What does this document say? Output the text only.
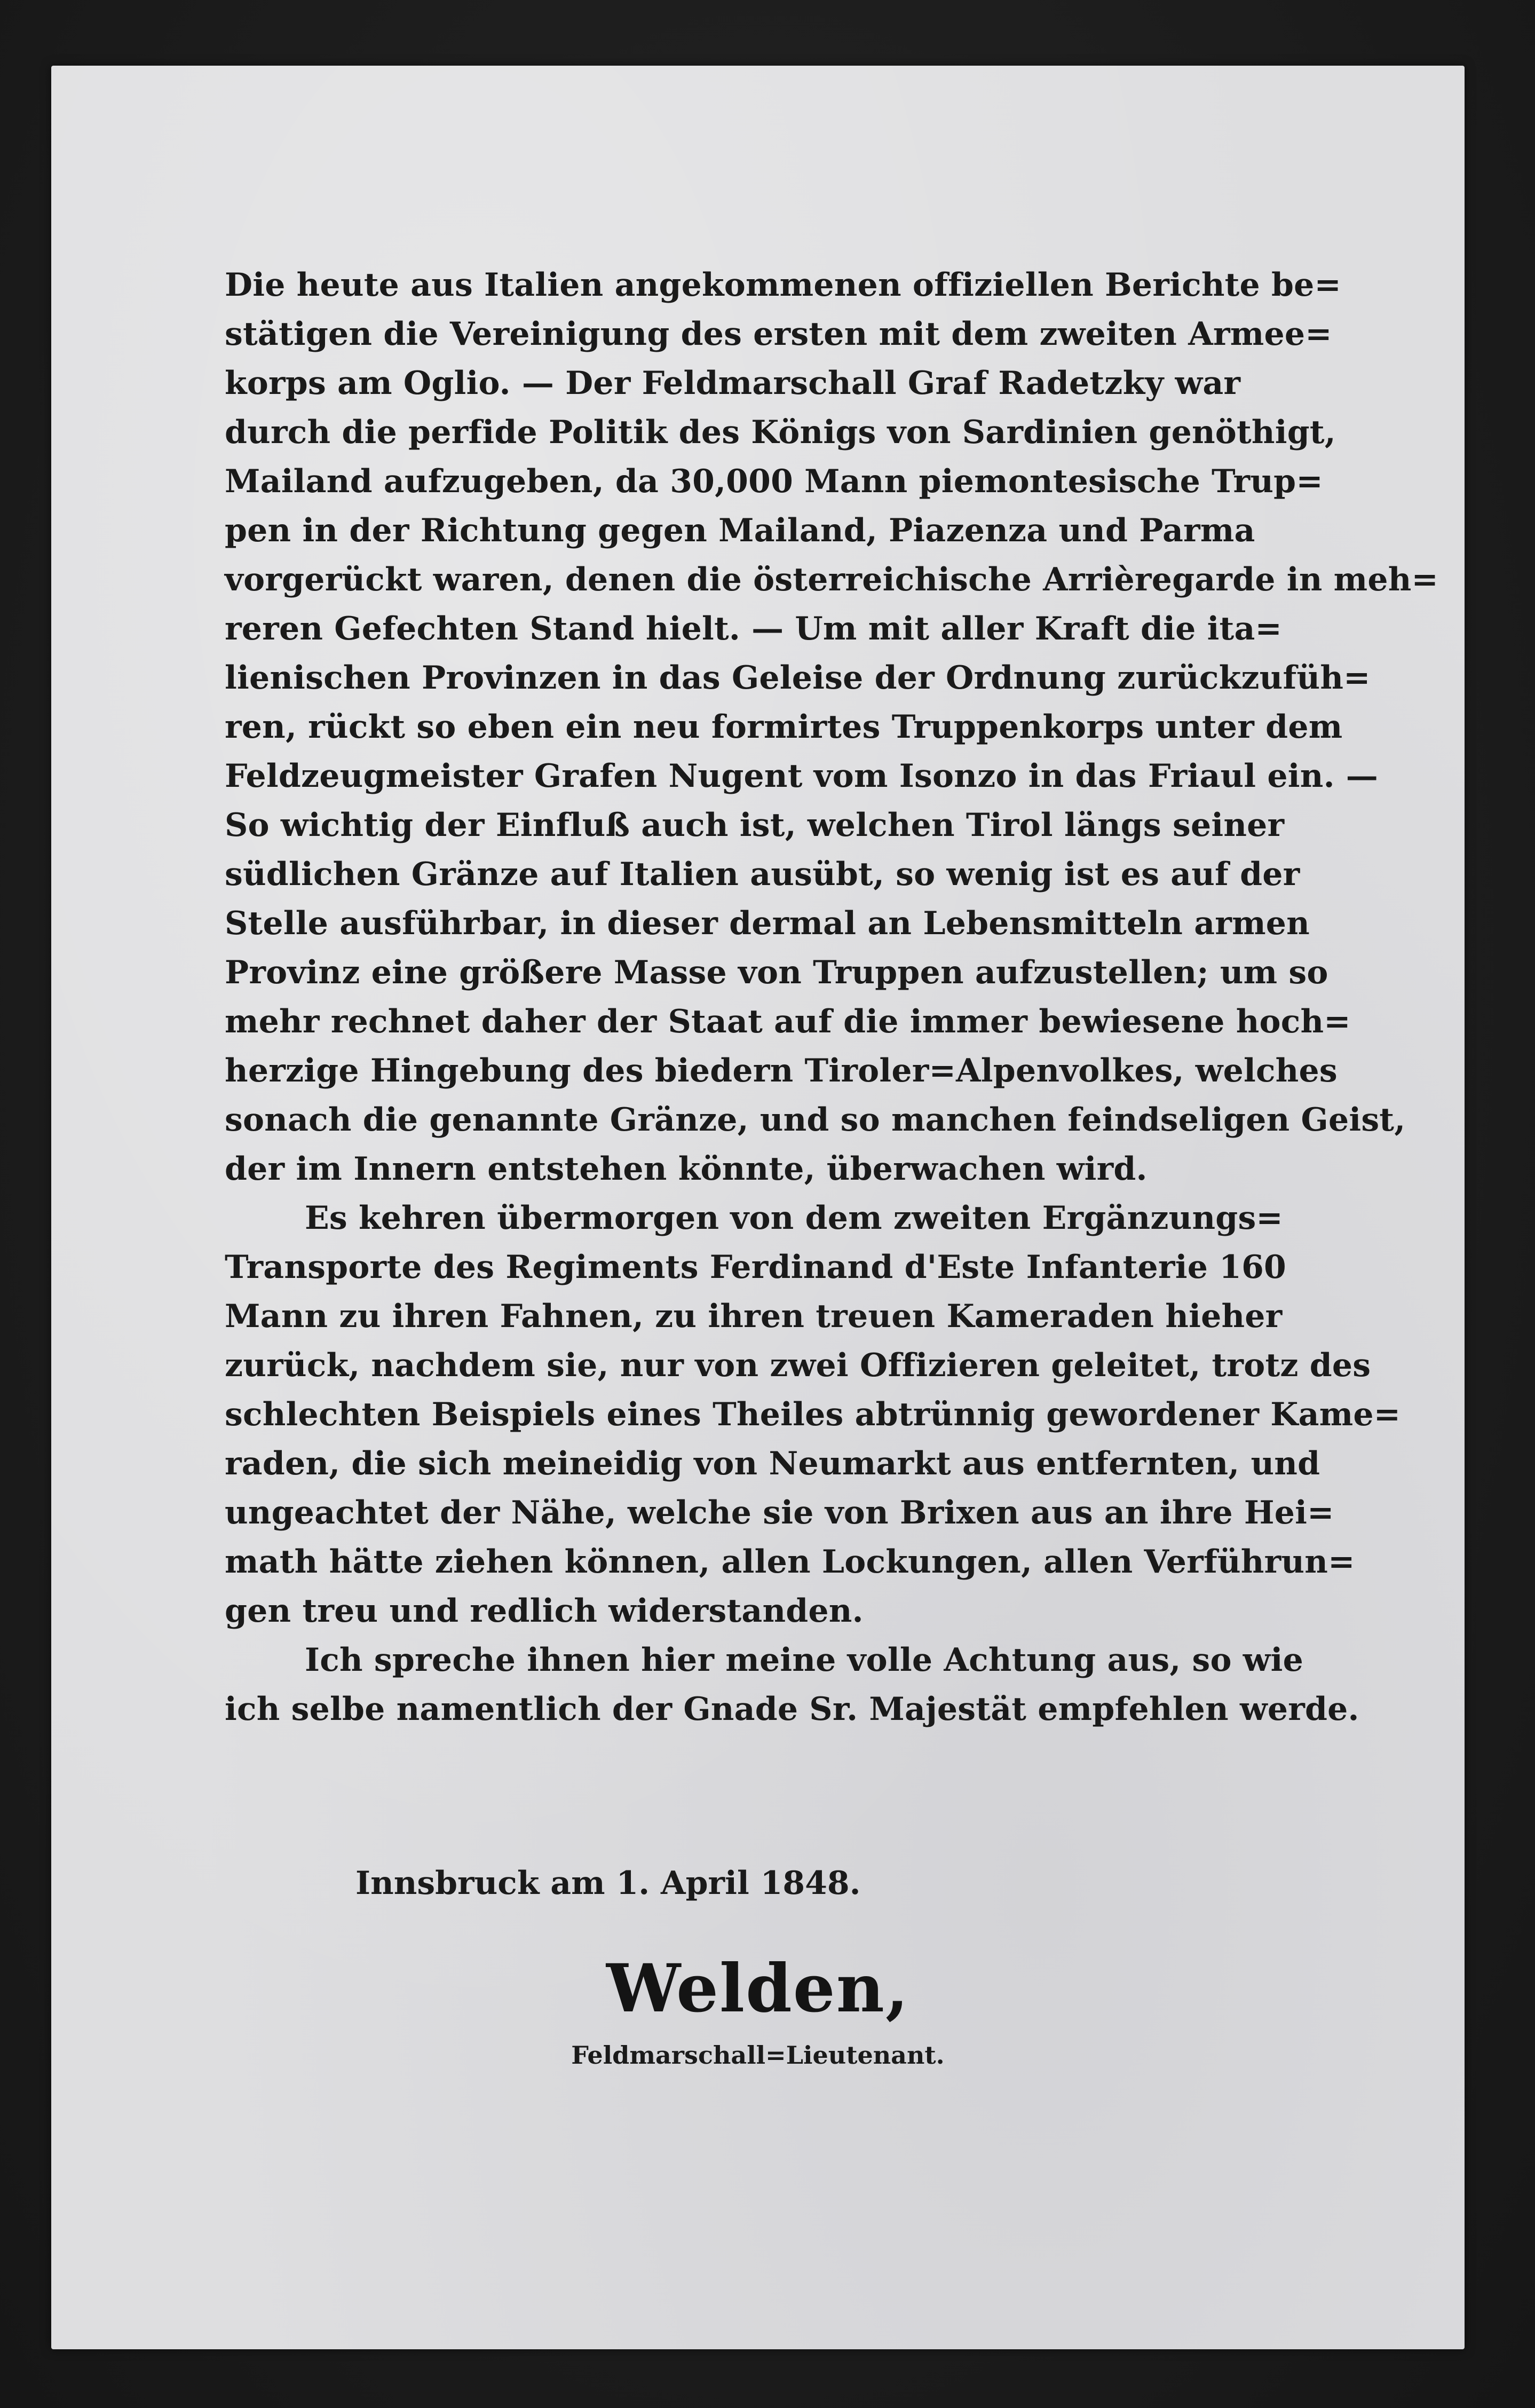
Die heute aus Italien angekommenen offiziellen Berichte be=
stätigen die Vereinigung des ersten mit dem zweiten Armee=
korps am Oglio. — Der Feldmarschall Graf Radetzky war
durch die perfide Politik des Königs von Sardinien genöthigt,
Mailand aufzugeben, da 30,000 Mann piemontesische Trup=
pen in der Richtung gegen Mailand, Piazenza und Parma
vorgerückt waren, denen die österreichische Arrièregarde in meh=
reren Gefechten Stand hielt. — Um mit aller Kraft die ita=
lienischen Provinzen in das Geleise der Ordnung zurückzufüh=
ren, rückt so eben ein neu formirtes Truppenkorps unter dem
Feldzeugmeister Grafen Nugent vom Isonzo in das Friaul ein. —
So wichtig der Einfluß auch ist, welchen Tirol längs seiner
südlichen Gränze auf Italien ausübt, so wenig ist es auf der
Stelle ausführbar, in dieser dermal an Lebensmitteln armen
Provinz eine größere Masse von Truppen aufzustellen; um so
mehr rechnet daher der Staat auf die immer bewiesene hoch=
herzige Hingebung des biedern Tiroler=Alpenvolkes, welches
sonach die genannte Gränze, und so manchen feindseligen Geist,
der im Innern entstehen könnte, überwachen wird.
Es kehren übermorgen von dem zweiten Ergänzungs=
Transporte des Regiments Ferdinand d'Este Infanterie 160
Mann zu ihren Fahnen, zu ihren treuen Kameraden hieher
zurück, nachdem sie, nur von zwei Offizieren geleitet, trotz des
schlechten Beispiels eines Theiles abtrünnig gewordener Kame=
raden, die sich meineidig von Neumarkt aus entfernten, und
ungeachtet der Nähe, welche sie von Brixen aus an ihre Hei=
math hätte ziehen können, allen Lockungen, allen Verführun=
gen treu und redlich widerstanden.
Ich spreche ihnen hier meine volle Achtung aus, so wie
ich selbe namentlich der Gnade Sr. Majestät empfehlen werde.
Innsbruck am 1. April 1848.
Welden,
Feldmarschall=Lieutenant.
